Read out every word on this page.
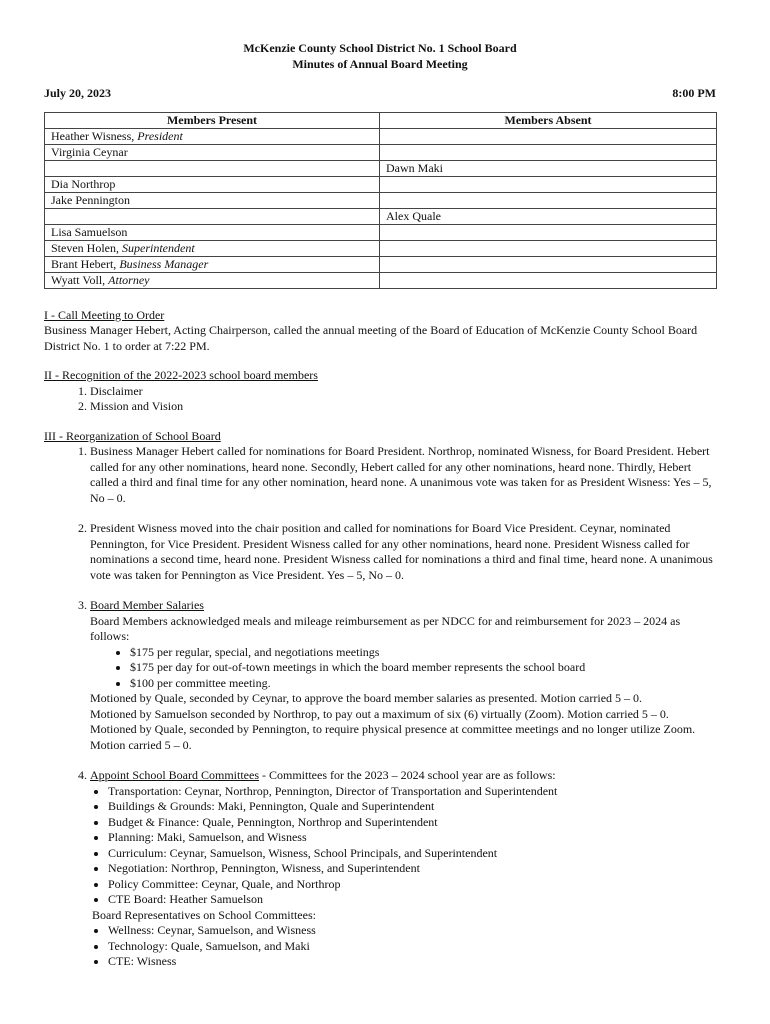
McKenzie County School District No. 1 School Board
Minutes of Annual Board Meeting
July 20, 2023	8:00 PM
Members Present	Members Absent
Heather Wisness, President	
Virginia Ceynar	
	Dawn Maki
Dia Northrop	
Jake Pennington	
	Alex Quale
Lisa Samuelson	
Steven Holen, Superintendent	
Brant Hebert, Business Manager	
Wyatt Voll, Attorney	
I - Call Meeting to Order

Business Manager Hebert, Acting Chairperson, called the annual meeting of the Board of Education of McKenzie County School Board District No. 1 to order at 7:22 PM.

II - Recognition of the 2022-2023 school board members
1. Disclaimer
2. Mission and Vision
III - Reorganization of School Board

1. Business Manager Hebert called for nominations for Board President. Northrop, nominated Wisness, for Board President. Hebert called for any other nominations, heard none. Secondly, Hebert called for any other nominations, heard none. Thirdly, Hebert called a third and final time for any other nomination, heard none. A unanimous vote was taken for as President Wisness: Yes – 5, No – 0.

2. President Wisness moved into the chair position and called for nominations for Board Vice President. Ceynar, nominated Pennington, for Vice President. President Wisness called for any other nominations, heard none. President Wisness called for nominations a second time, heard none. President Wisness called for nominations a third and final time, heard none. A unanimous vote was taken for Pennington as Vice President. Yes – 5, No – 0.

3. Board Member Salaries

Board Members acknowledged meals and mileage reimbursement as per NDCC for and reimbursement for 2023 – 2024 as follows:

• $175 per regular, special, and negotiations meetings
• $175 per day for out-of-town meetings in which the board member represents the school board
• $100 per committee meeting.

Motioned by Quale, seconded by Ceynar, to approve the board member salaries as presented. Motion carried 5 – 0.

Motioned by Samuelson seconded by Northrop, to pay out a maximum of six (6) virtually (Zoom). Motion carried 5 – 0.

Motioned by Quale, seconded by Pennington, to require physical presence at committee meetings and no longer utilize Zoom. Motion carried 5 – 0.

4. Appoint School Board Committees - Committees for the 2023 – 2024 school year are as follows:

• Transportation: Ceynar, Northrop, Pennington, Director of Transportation and Superintendent
• Buildings & Grounds: Maki, Pennington, Quale and Superintendent
• Budget & Finance: Quale, Pennington, Northrop and Superintendent
• Planning: Maki, Samuelson, and Wisness
• Curriculum: Ceynar, Samuelson, Wisness, School Principals, and Superintendent
• Negotiation: Northrop, Pennington, Wisness, and Superintendent
• Policy Committee: Ceynar, Quale, and Northrop
• CTE Board: Heather Samuelson

Board Representatives on School Committees:

• Wellness: Ceynar, Samuelson, and Wisness
• Technology: Quale, Samuelson, and Maki
• CTE: Wisness
